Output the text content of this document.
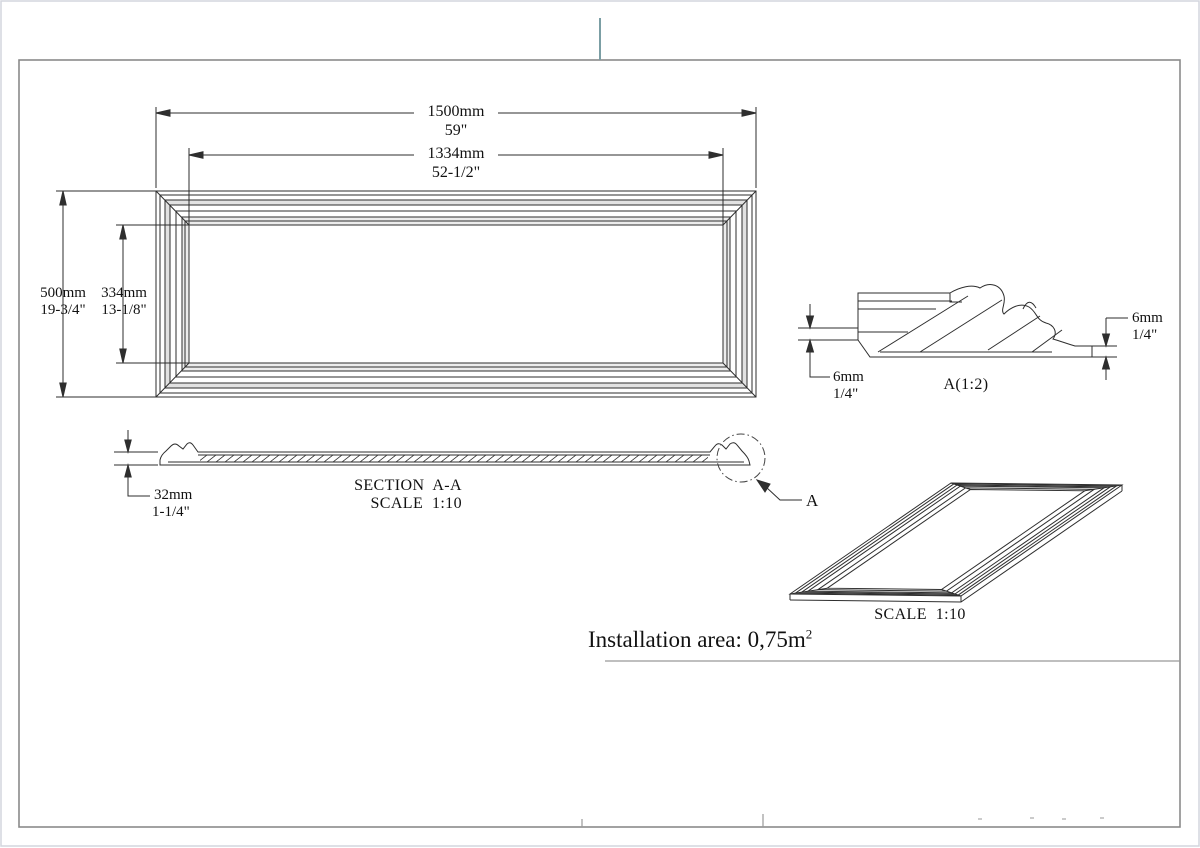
1500mm
59"
1334mm
52-1/2"
500mm
19-3/4"
334mm
13-1/8"
32mm
1-1/4"
SECTION  A-A
SCALE  1:10	A
6mm
1/4"
6mm
1/4"
A(1:2)
SCALE  1:10
Installation area: $0,75m^2$
